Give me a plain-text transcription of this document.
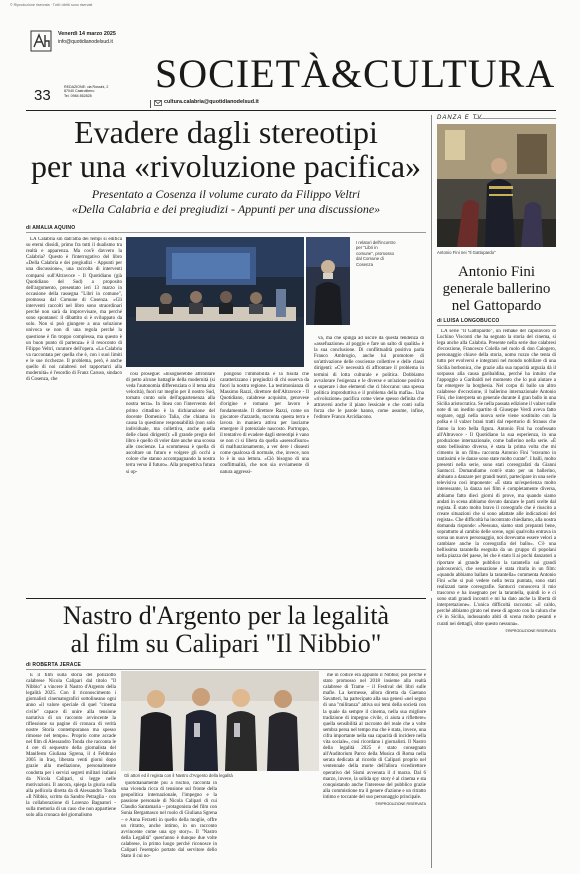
© Riproduzione riservata · Tutti i diritti sono riservati
Venerdì 14 marzo 2025
info@quotidianodelsud.it
SOCIETÀ&CULTURA
33	REDAZIONE: via Rossini, 2
87040 Castrolibero
Tel. 0984 852828
cultura.calabria@quotidianodelsud.it
Evadere dagli stereotipi
per una «rivoluzione pacifica»
Presentato a Cosenza il volume curato da Filippo Veltri
«Della Calabria e dei pregiudizi - Appunti per una discussione»
di AMALIA AQUINO

LA Calabria sin dall'alba dei tempi si edifica su eterni dissidi, primo fra tutti il dualismo tra realtà e apparenza. Ma cos'è davvero la Calabria? Questo è l'interrogativo del libro «Della Calabria e dei pregiudizi - Appunti per una discussione», una raccolta di interventi comparsi sull'Altravoce - Il Quotidiano (già Quotidiano del Sud) a proposito dell'argomento, presentato ieri 13 marzo in occasione della rassegna "Libri in comune", promossa dal Comune di Cosenza. «Gli interventi raccolti nel libro sono straordinari perché non sarà da improvvisare, ma perché sono spontanei: il dibattito si è sviluppato da solo. Non si può giungere a una soluzione univoca se non di una regola perché la questione è fin troppo complessa, ma questo è un buon punto di partenza» è il resoconto di Filippo Veltri, curatore dell'opera. «La Calabria va raccontata per quella che è, con i suoi limiti e le sue ricchezze. Il problema, però, è anche quello di noi calabresi nel rapportarci alla modernità» è l'esordio di Franz Caruso, sindaco di Cosenza, che

I relatori dell'incontro per "Libri in comune", promosso dal Comune di Cosenza

così prosegue: «bisognerebbe affrontare di petto alcune battaglie della modernità (si veda l'autonomia differenziata o il tema alta velocità), fuori rar meglio per il nostro Sud, tornato conto solo dell'appartenenza alla nostra terra». In linea con l'intervento del primo cittadino è la dichiarazione del docente Domenico Talia, che chiama in causa la questione responsabilità (non solo individuale, ma collettiva, anche quella delle classi dirigenti): «Il grande pregio del libro è quello di voler dare anche una scossa alle coscienze. La scommessa è quella di ascoltare un futuro e volgere gli occhi a colore che stanno accompagnando la nostra terra verso il futuro». Alla prospettiva futura si op-

pongono l'immobilità e la fissità che caratterizzano i pregiudizi di chi osserva da fuori la nostra regione. La testimonianza di Massimo Razzi, direttore dell'Altravoce - Il Quotidiano, calabrese acquisito, genovese d'origine e romano per lavoro è fondamentale. Il direttore Razzi, come un giocatore d'azzardo, racconta questa terra e lavora in maniera attiva per lasciarne emergere il potenziale nascosto. Purtroppo, il tentativo di evadere dagli stereotipi è vano se non ci si libera da quella «asessofisuro» di malfunzionamento, a ver dere i dissesti come qualcosa di normale, che, invece, non lo è in sua lettura. «Ciò bisogno di una conflittualità, che non sia ovviamente di natura aggressi-

va, ma che spinga ad uscire da questa tendenza di «assefuazione» al poggio e fare un salto di qualità» è la sua conclusione. Di conflittualità positiva parla Franco Ambrogio, anche lui promotore di un'attivazione delle coscienze collettive e delle classi dirigenti: «C'è necessità di affrontare il problema in termini di lotta culturale e politica. Dobbiamo avvalorare l'esigenza e le diverse e un'azione positiva e superare i due elementi che ci bloccano: una spessa politica improduttiva e il problema della mafia». Una «rivoluzione» pacifica come viene spesso definita che attraversi anche il piano lessicale e che conti sulla forza che le parole hanno, come assume, infine, l'editore Franco Arcidiacono.

DANZA E TV
Antonio Fini nei "Il Gattopardo"
Antonio Fini
generale ballerino
nel Gattopardo
di LUISA LONGOBUCCO

LA serie "Il Gattopardo", un remake del capolavoro di Luchino Visconti che ha segnato la storia del cinema, si lega anche alla Calabria. Presente nella serie due calabresi d'eccezione, Francesco Colella nel ruolo di don Calogero, personaggio chiave della storia, uomo rozzo che tenta di tutto per evolversi e integrarsi nel mondo nobiliare di una Sicilia borbonica, che grazie alla sua rapacità arguzia dà il sorpasso alla causa garibaldina, perché ha intuito che l'appoggio a Garibaldi nel momento che lo può aiutare a far emergere la borghesia. Nel corpo di ballo un altro calabrese d'eccezione, il ballerino internazionale Antonio Fini, che interpreta un generale durante il gran ballo in una Sicilia aristocratica. Se nella passata edizione il valzer sulle note di un inedito spartito di Giuseppe Verdi aveva fatto sognare, oggi nella nuova serie viene sostituito con la polka e il valzer brani tratti dal repertorio di Strauss che fanno la loro bella figura. Antonio Fini ha confessato all'Altravoce - Il Quotidiano la sua esperienza, in una produzione internazionale, come ballerino nella serie. «È stato bellissimo diverso, è stata la prima volta che mi cimento in un film» racconta Antonio Fini "eravamo in tantissimi e le danze sono state molto curate". I balli, molto presenti nella serie, sono stati coreografati da Gianni Santucci. Domandiamo com'è stato per un ballerino, abituato a danzare per grandi teatri, partecipare in una serie televisiva così imponente: «È stata un'esperienza molto interessante, la danza nei film è completamente diversa, abbiamo fatto dieci giorni di prove, ma quando siamo andati in scena abbiamo dovuto danzare le parti scelte dal regista. È stato molto bravo il coreografo che è riuscito a creare situazioni che si sono adattate alle indicazioni del regista». Che difficoltà ha incontrato chiediamo, alla nostra domanda risponde: «Nessuna, siamo stati preparati bene, soprattutto al cambio delle scene, ogni qualvolta entrava in scena un nuovo personaggio, noi dovevamo essere veloci a cambiare anche la coreografia del ballo». C'è una bellissima tarantella eseguita da un gruppo di popolani nella piazza del paese, lei che è stato lì ai pochi danzatori a riportare ai grande pubblico la tarantella sui grandi palcoscenici, che sensazione è stata ritarla in un film: «quando abbiamo ballato la tarantella» commenta Antonio Fini «che si può vedere nella terza puntata, sono stati realizzati tante coreografie. Santucci conosceva il mio trascorso e ha insegnato per la tarantella, quindi io e ci sono stati grandi incontri e mi ha dato anche la libertà di interpretazione». L'unica difficoltà racconta: «il caldo, perché abbiamo girato nel mese di agosto con la calura che c'è in Sicilia, indossando abiti di scena molto pesanti e curati nei dettagli, oltre questo nessuna».

©RIPRODUZIONE RISERVATA
Nastro d'Argento per la legalità
al film su Calipari "Il Nibbio"
di ROBERTA JERACE

È il film sulla storia del poliziotto calabrese Nicola Calipari dal titolo "Il Nibbio" a vincere il Nastro d'Argento della legalità 2025. Con il riconoscimento i giornalisti cinematografici sottolineano ogni anno «il valore speciale di quel "cinema civile" capace di unire alla tensione narrativa di un racconto avvincente la riflessione su pagine di cronaca di verità nostre Storia contemporanea ma spesso rimosse nel tempo». Proprio come accade nel film di Alessandro Tonda che racconta le 4 ore di sequestro della giornalista del Manifesto Giuliana Sgrena, il 4 Febbraio 2005 in Iraq, liberata venti giorni dopo grazie alla mediazione, personalmente condotta per i servizi segreti militari italiani da Nicola Calipari, si legge nelle motivazioni. Il ancora, spiega la giuria sulla alla pellicola diretta da di Alessandro Tonda «Il Nibbio, scritto da Sandro Petraglia - con la collaborazione di Lorenzo Bagnatori - sulla memoria di un caso che non appartiene solo alla cronaca del giornalismo

Gli attori ed il regista con il Nastro d'Argento della legalità

quotidianamente più a rischio, racconta in una vicenda ricca di tensione sul fronte della geopolitica internazionale, l'impegno e la passione personale di Nicola Calipari di cui Claudio Santamaria – protagonista del film con Sonia Bergamasco nel ruolo di Giuliana Sgrena – e Anna Ferzetti in quello della moglie, offre un ritratto, anche intimo, in un racconto avvincente come una spy story». Il "Nastro della Legalità" quest'anno è dunque due volte calabrese, in primo luogo perché riconosce in Calipari l'esempio portato dal servitore dello Stato il cui no-

me in codice era appunto il Nibbio; poi perché è stato promosso nel 2018 insieme alla realtà calabrese di Trame – il Festival dei libri sulle mafie. La kermesse, allora diretta da Gaetano Savatteri, ha partecipato alla sua genesi «nel segno di una "militanza" attiva sui temi della società con la quale da sempre il cinema, nella sua migliore tradizione di impegno civile, ci aiuta a riflettere» quella sensibilità al racconto del reale che a volte sembra persa nel tempo ma che è stata, invece, una cifra importante nella sua capacità di incidere nella vita sociale», così ricordano i giornalisti. Il Nastro della legalità 2025 è stato consegnato all'Auditorium Parco della Musica di Roma nella serata dedicata al ricordo di Calipari proprio nel ventennale della morte dell'allora vicedirettore operativo del Sismi avvenuta il 4 marzo. Dal 6 marzo, invece, la solida spy story è al cinema e sta conquistando anche l'interesse del pubblico grazie alla commistione tra il genere d'azione e un ritratto intimo e toccante del suo personaggio principale.

©RIPRODUZIONE RISERVATA
